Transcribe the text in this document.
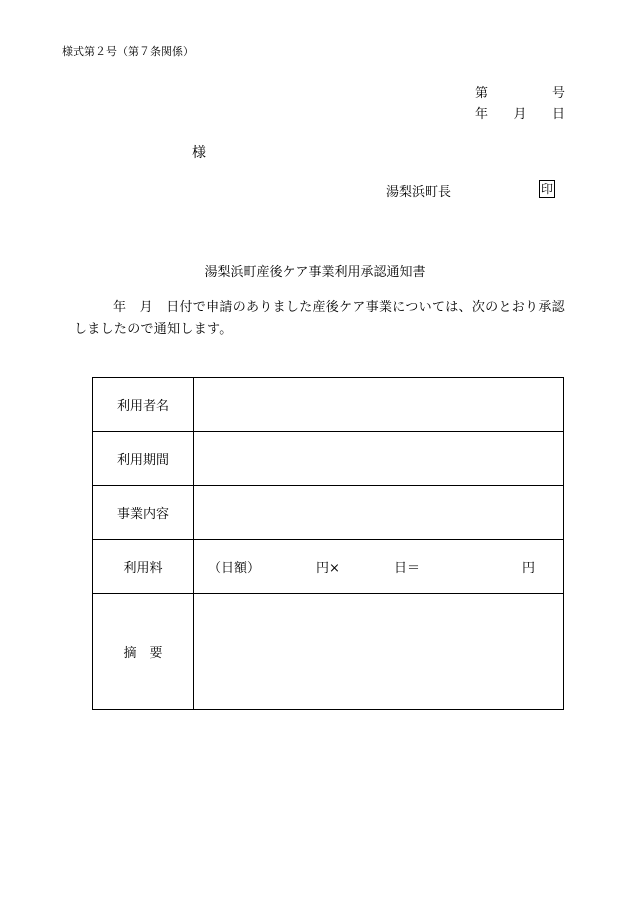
様式第２号（第７条関係）
第	号
年 月 日
様
湯梨浜町長	印
湯梨浜町産後ケア事業利用承認通知書
年　月　日付で申請のありました産後ケア事業については、次のとおり承認しましたので通知します。
利用者名	
利用期間	
事業内容	
利用料	（日額） 円× 日＝ 円

摘　要	
